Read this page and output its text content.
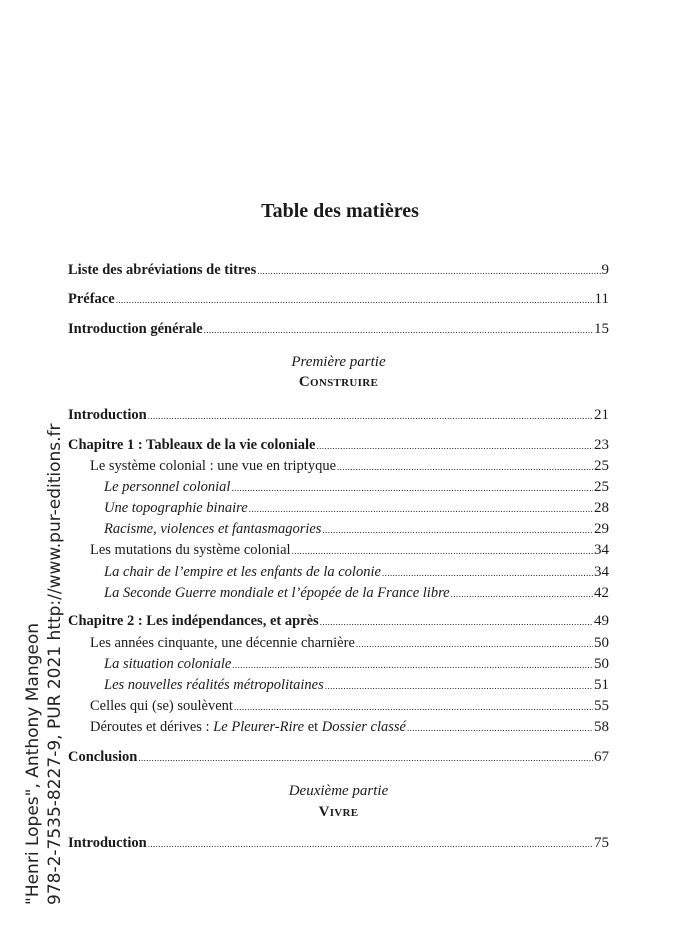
Table des matières
Liste des abréviations de titres .....	9
Préface .....	11
Introduction générale .....	15
Première partie
Construire
Introduction .....	21
Chapitre 1 : Tableaux de la vie coloniale .....	23
Le système colonial : une vue en triptyque .....	25
Le personnel colonial .....	25
Une topographie binaire .....	28
Racisme, violences et fantasmagories .....	29
Les mutations du système colonial .....	34
La chair de l’empire et les enfants de la colonie .....	34
La Seconde Guerre mondiale et l’épopée de la France libre .....	42
Chapitre 2 : Les indépendances, et après .....	49
Les années cinquante, une décennie charnière .....	50
La situation coloniale .....	50
Les nouvelles réalités métropolitaines .....	51
Celles qui (se) soulèvent .....	55
Déroutes et dérives : Le Pleurer-Rire et Dossier classé .....	58
Conclusion .....	67
Deuxième partie
Vivre
Introduction .....	75
"Henri Lopes", Anthony Mangeon 978-2-7535-8227-9, PUR 2021 http://www.pur-editions.fr
